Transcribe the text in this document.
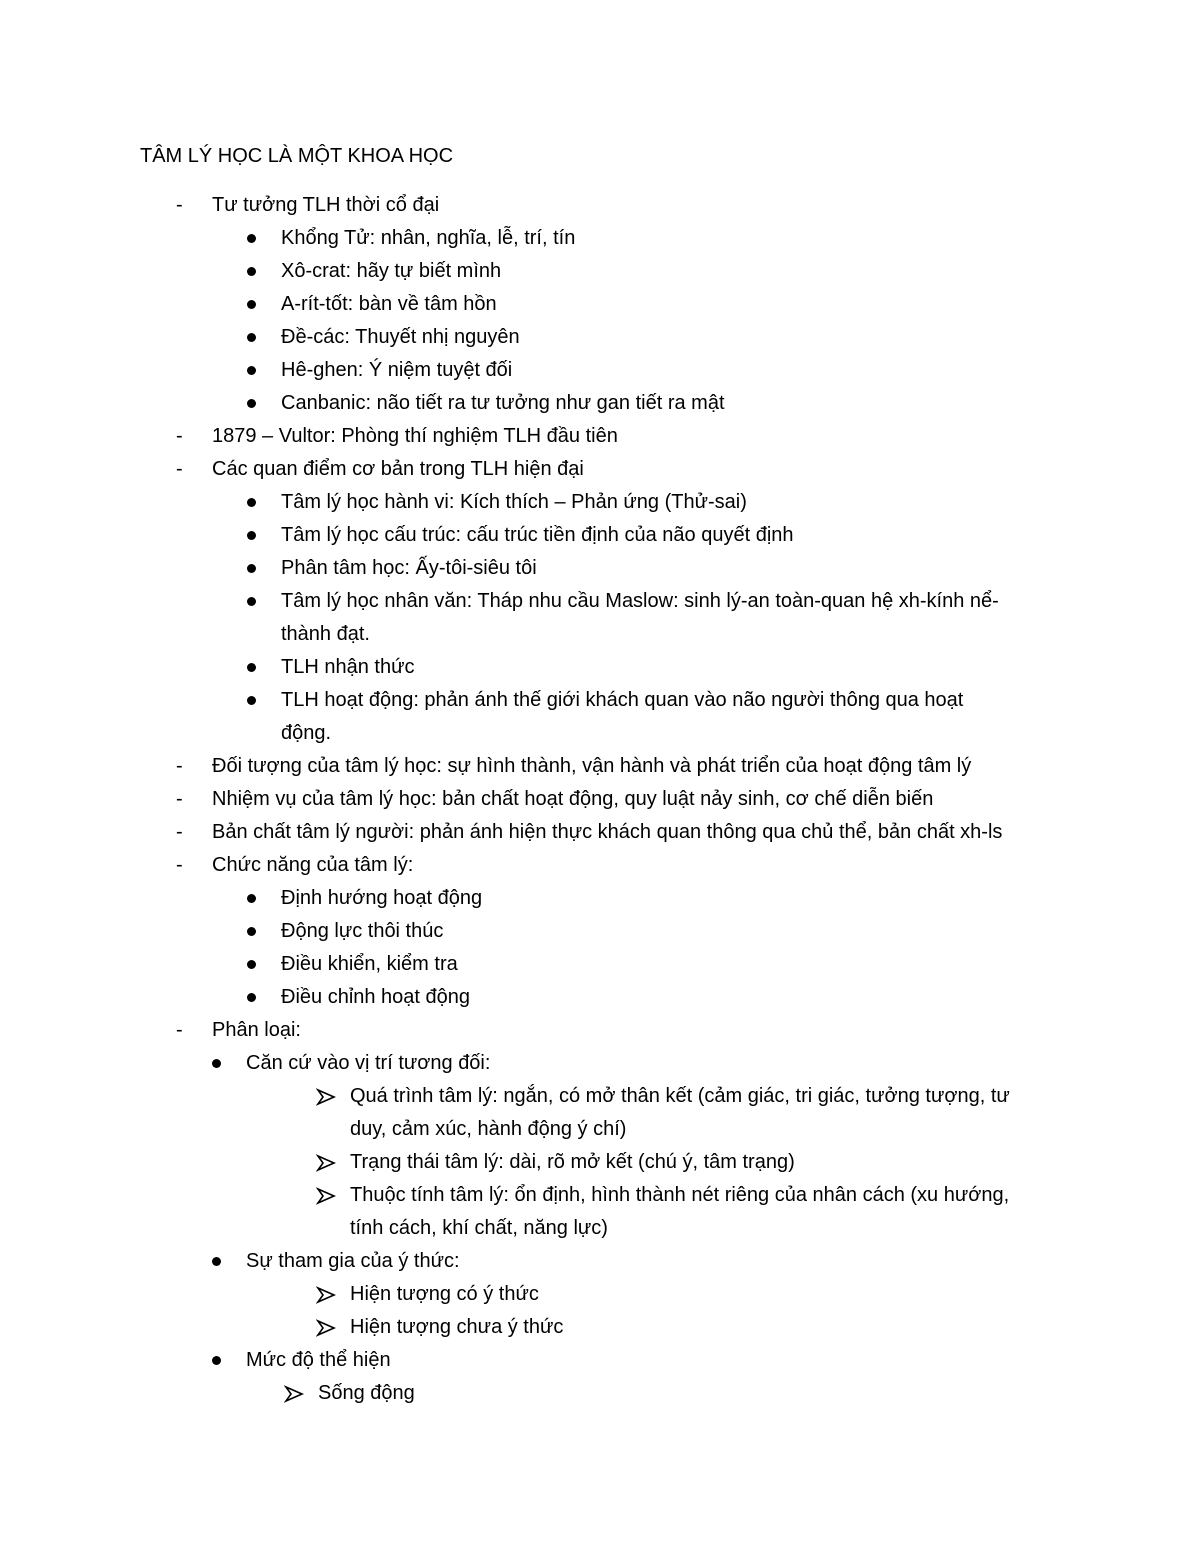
TÂM LÝ HỌC LÀ MỘT KHOA HỌC
- Tư tưởng TLH thời cổ đại
Khổng Tử: nhân, nghĩa, lễ, trí, tín
Xô-crat: hãy tự biết mình
A-rít-tốt: bàn về tâm hồn
Đề-các: Thuyết nhị nguyên
Hê-ghen: Ý niệm tuyệt đối
Canbanic: não tiết ra tư tưởng như gan tiết ra mật
- 1879 – Vultor: Phòng thí nghiệm TLH đầu tiên
- Các quan điểm cơ bản trong TLH hiện đại
Tâm lý học hành vi: Kích thích – Phản ứng (Thử-sai)
Tâm lý học cấu trúc: cấu trúc tiền định của não quyết định
Phân tâm học: Ấy-tôi-siêu tôi
Tâm lý học nhân văn: Tháp nhu cầu Maslow: sinh lý-an toàn-quan hệ xh-kính nể-
thành đạt.
TLH nhận thức
TLH hoạt động: phản ánh thế giới khách quan vào não người thông qua hoạt
động.
- Đối tượng của tâm lý học: sự hình thành, vận hành và phát triển của hoạt động tâm lý
- Nhiệm vụ của tâm lý học: bản chất hoạt động, quy luật nảy sinh, cơ chế diễn biến
- Bản chất tâm lý người: phản ánh hiện thực khách quan thông qua chủ thể, bản chất xh-ls
- Chức năng của tâm lý:
Định hướng hoạt động
Động lực thôi thúc
Điều khiển, kiểm tra
Điều chỉnh hoạt động
- Phân loại:
Căn cứ vào vị trí tương đối:
Quá trình tâm lý: ngắn, có mở thân kết (cảm giác, tri giác, tưởng tượng, tư
duy, cảm xúc, hành động ý chí)
Trạng thái tâm lý: dài, rõ mở kết (chú ý, tâm trạng)
Thuộc tính tâm lý: ổn định, hình thành nét riêng của nhân cách (xu hướng,
tính cách, khí chất, năng lực)
Sự tham gia của ý thức:
Hiện tượng có ý thức
Hiện tượng chưa ý thức
Mức độ thể hiện
Sống động
